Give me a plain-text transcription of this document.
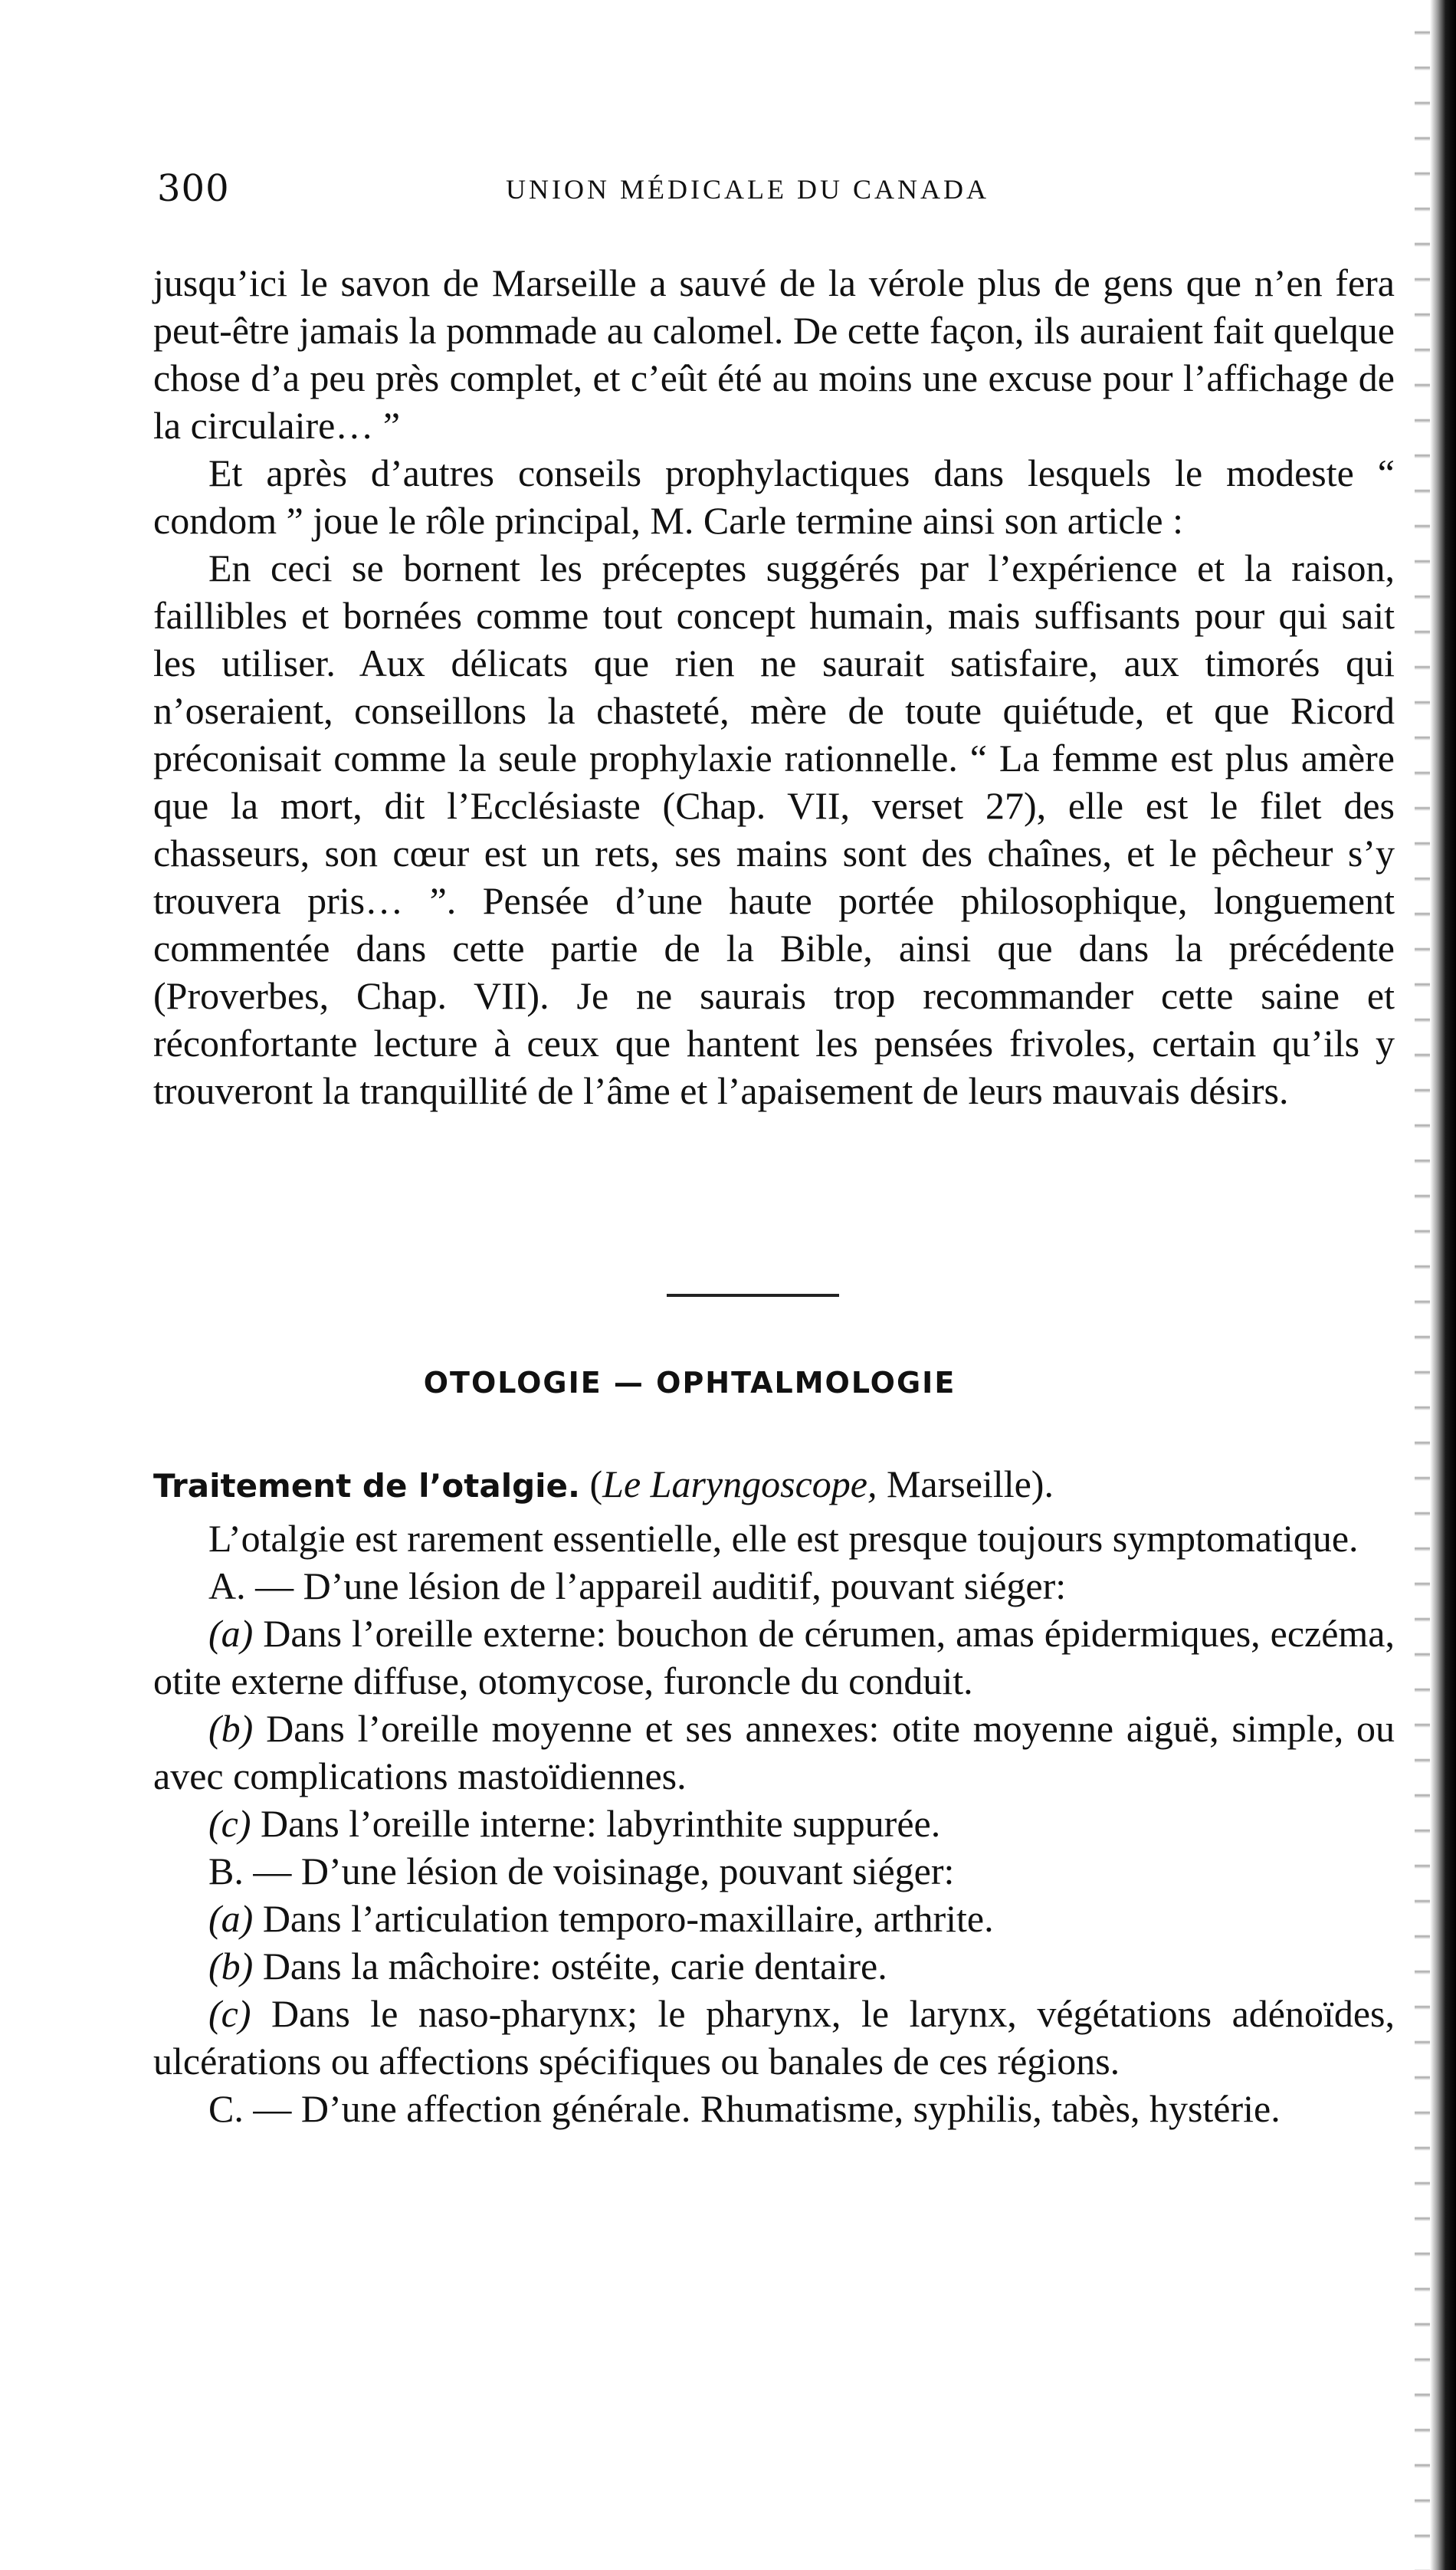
300	UNION MÉDICALE DU CANADA

jusqu’ici le savon de Marseille a sauvé de la vérole plus de gens que n’en fera peut-être jamais la pommade au calomel. De cette façon, ils auraient fait quelque chose d’a peu près complet, et c’eût été au moins une excuse pour l’affichage de la circulaire… ”

Et après d’autres conseils prophylactiques dans lesquels le modeste “ condom ” joue le rôle principal, M. Carle termine ainsi son article :

En ceci se bornent les préceptes suggérés par l’expérience et la raison, faillibles et bornées comme tout concept humain, mais suffisants pour qui sait les utiliser. Aux délicats que rien ne saurait satisfaire, aux timorés qui n’oseraient, conseillons la chasteté, mère de toute quiétude, et que Ricord préconisait comme la seule prophylaxie rationnelle. “ La femme est plus amère que la mort, dit l’Ecclésiaste (Chap. VII, verset 27), elle est le filet des chasseurs, son cœur est un rets, ses mains sont des chaînes, et le pêcheur s’y trouvera pris… ”. Pensée d’une haute portée philosophique, longuement commentée dans cette partie de la Bible, ainsi que dans la précédente (Proverbes, Chap. VII). Je ne saurais trop recommander cette saine et réconfortante lecture à ceux que hantent les pensées frivoles, certain qu’ils y trouveront la tranquillité de l’âme et l’apaisement de leurs mauvais désirs.

OTOLOGIE — OPHTALMOLOGIE

Traitement de l’otalgie. (Le Laryngoscope, Marseille).

L’otalgie est rarement essentielle, elle est presque toujours symptomatique.

A. — D’une lésion de l’appareil auditif, pouvant siéger:

(a) Dans l’oreille externe: bouchon de cérumen, amas épidermiques, eczéma, otite externe diffuse, otomycose, furoncle du conduit.

(b) Dans l’oreille moyenne et ses annexes: otite moyenne aiguë, simple, ou avec complications mastoïdiennes.

(c) Dans l’oreille interne: labyrinthite suppurée.

B. — D’une lésion de voisinage, pouvant siéger:

(a) Dans l’articulation temporo-maxillaire, arthrite.

(b) Dans la mâchoire: ostéite, carie dentaire.

(c) Dans le naso-pharynx; le pharynx, le larynx, végétations adénoïdes, ulcérations ou affections spécifiques ou banales de ces régions.

C. — D’une affection générale. Rhumatisme, syphilis, tabès, hystérie.
